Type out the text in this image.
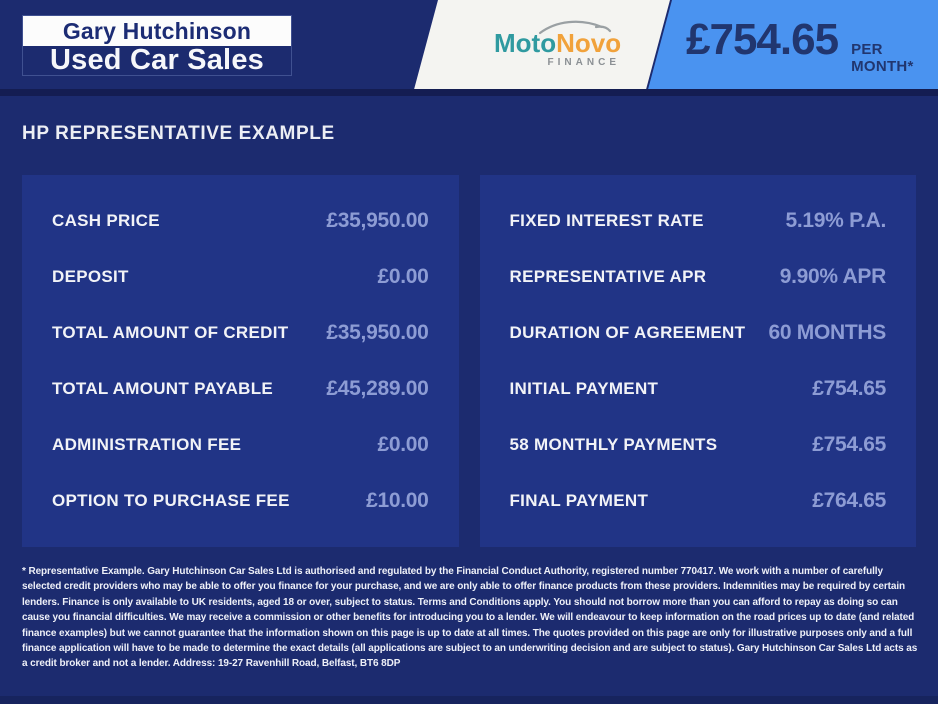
Gary Hutchinson
Used Car Sales
MotoNovo
FINANCE £754.65 PER MONTH*
HP REPRESENTATIVE EXAMPLE
CASH PRICE	£35,950.00
DEPOSIT	£0.00
TOTAL AMOUNT OF CREDIT £35,950.00
TOTAL AMOUNT PAYABLE	£45,289.00
ADMINISTRATION FEE	£0.00
OPTION TO PURCHASE FEE	£10.00
FIXED INTEREST RATE	5.19% P.A.
REPRESENTATIVE APR	9.90% APR
DURATION OF AGREEMENT 60 MONTHS
INITIAL PAYMENT	£754.65
58 MONTHLY PAYMENTS	£754.65
FINAL PAYMENT	£764.65

* Representative Example. Gary Hutchinson Car Sales Ltd is authorised and regulated by the Financial Conduct Authority, registered number 770417. We work with a number of carefully selected credit providers who may be able to offer you finance for your purchase, and we are only able to offer finance products from these providers. Indemnities may be required by certain lenders. Finance is only available to UK residents, aged 18 or over, subject to status. Terms and Conditions apply. You should not borrow more than you can afford to repay as doing so can cause you financial difficulties. We may receive a commission or other benefits for introducing you to a lender. We will endeavour to keep information on the road prices up to date (and related finance examples) but we cannot guarantee that the information shown on this page is up to date at all times. The quotes provided on this page are only for illustrative purposes only and a full finance application will have to be made to determine the exact details (all applications are subject to an underwriting decision and are subject to status). Gary Hutchinson Car Sales Ltd acts as a credit broker and not a lender. Address: 19-27 Ravenhill Road, Belfast, BT6 8DP
